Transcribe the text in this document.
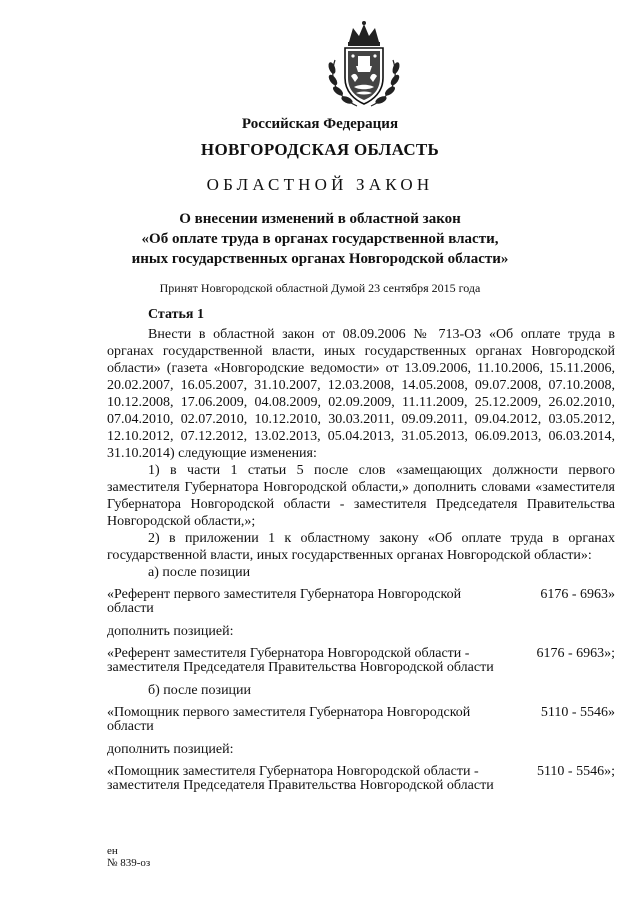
Российская Федерация
НОВГОРОДСКАЯ ОБЛАСТЬ
ОБЛАСТНОЙ ЗАКОН
О внесении изменений в областной закон
«Об оплате труда в органах государственной власти,
иных государственных органах Новгородской области»
Принят Новгородской областной Думой 23 сентября 2015 года
Статья 1

Внести в областной закон от 08.09.2006 № 713-ОЗ «Об оплате труда в органах государственной власти, иных государственных органах Новгородской области» (газета «Новгородские ведомости» от 13.09.2006, 11.10.2006, 15.11.2006, 20.02.2007, 16.05.2007, 31.10.2007, 12.03.2008, 14.05.2008, 09.07.2008, 07.10.2008, 10.12.2008, 17.06.2009, 04.08.2009, 02.09.2009, 11.11.2009, 25.12.2009, 26.02.2010, 07.04.2010, 02.07.2010, 10.12.2010, 30.03.2011, 09.09.2011, 09.04.2012, 03.05.2012, 12.10.2012, 07.12.2012, 13.02.2013, 05.04.2013, 31.05.2013, 06.09.2013, 06.03.2014, 31.10.2014) следующие изменения:

1) в части 1 статьи 5 после слов «замещающих должности первого заместителя Губернатора Новгородской области,» дополнить словами «заместителя Губернатора Новгородской области - заместителя Председателя Правительства Новгородской области,»;

2) в приложении 1 к областному закону «Об оплате труда в органах государственной власти, иных государственных органах Новгородской области»:

а) после позиции

«Референт первого заместителя Губернатора Новгородской области
6176 - 6963»

дополнить позицией:

«Референт заместителя Губернатора Новгородской области - заместителя Председателя Правительства Новгородской области
6176 - 6963»;

б) после позиции

«Помощник первого заместителя Губернатора Новгородской области
5110 - 5546»

дополнить позицией:

«Помощник заместителя Губернатора Новгородской области - заместителя Председателя Правительства Новгородской области
5110 - 5546»;
ен
№ 839-оз
